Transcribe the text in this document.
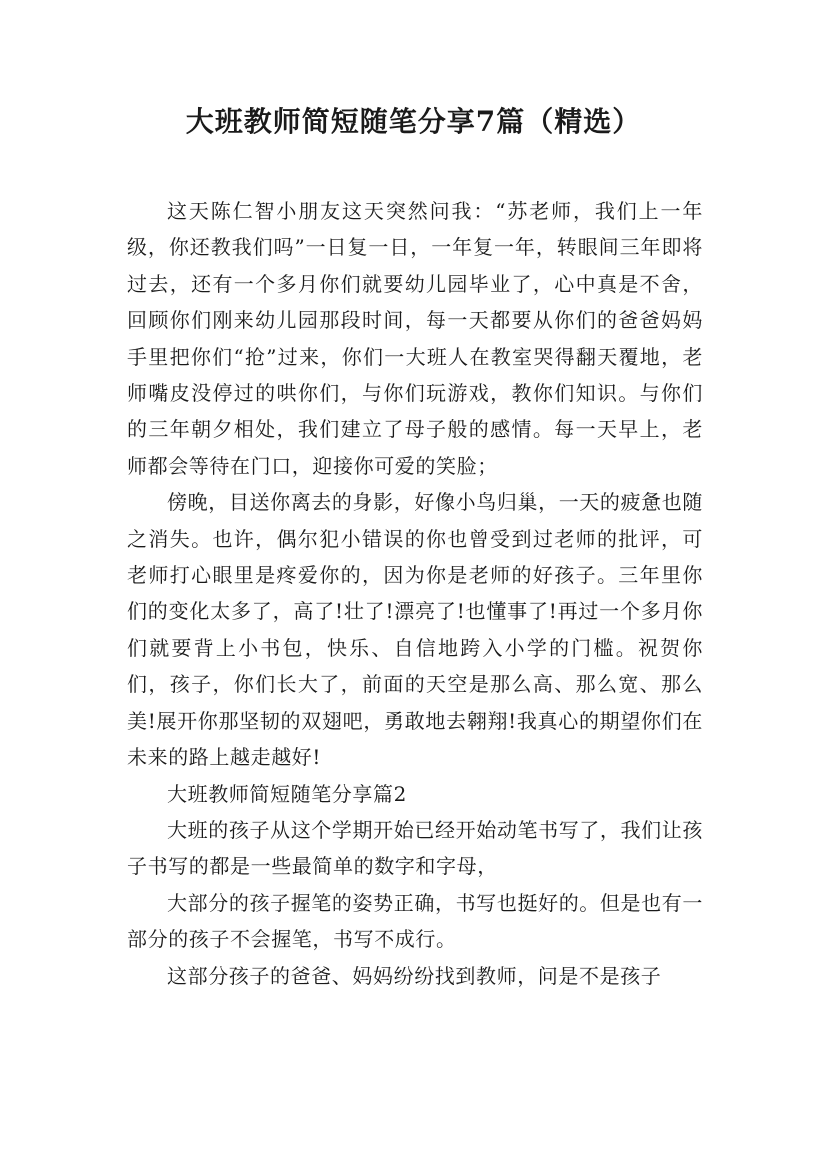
大班教师简短随笔分享7篇（精选）

这天陈仁智小朋友这天突然问我：“苏老师，我们上一年级，你还教我们吗”一日复一日，一年复一年，转眼间三年即将过去，还有一个多月你们就要幼儿园毕业了，心中真是不舍，回顾你们刚来幼儿园那段时间，每一天都要从你们的爸爸妈妈手里把你们“抢”过来，你们一大班人在教室哭得翻天覆地，老师嘴皮没停过的哄你们，与你们玩游戏，教你们知识。与你们的三年朝夕相处，我们建立了母子般的感情。每一天早上，老师都会等待在门口，迎接你可爱的笑脸；

傍晚，目送你离去的身影，好像小鸟归巢，一天的疲惫也随之消失。也许，偶尔犯小错误的你也曾受到过老师的批评，可老师打心眼里是疼爱你的，因为你是老师的好孩子。三年里你们的变化太多了，高了!壮了!漂亮了!也懂事了!再过一个多月你们就要背上小书包，快乐、自信地跨入小学的门槛。祝贺你们，孩子，你们长大了，前面的天空是那么高、那么宽、那么美!展开你那坚韧的双翅吧，勇敢地去翱翔!我真心的期望你们在未来的路上越走越好!

大班教师简短随笔分享篇2

大班的孩子从这个学期开始已经开始动笔书写了，我们让孩子书写的都是一些最简单的数字和字母，

大部分的孩子握笔的姿势正确，书写也挺好的。但是也有一部分的孩子不会握笔，书写不成行。

这部分孩子的爸爸、妈妈纷纷找到教师，问是不是孩子
